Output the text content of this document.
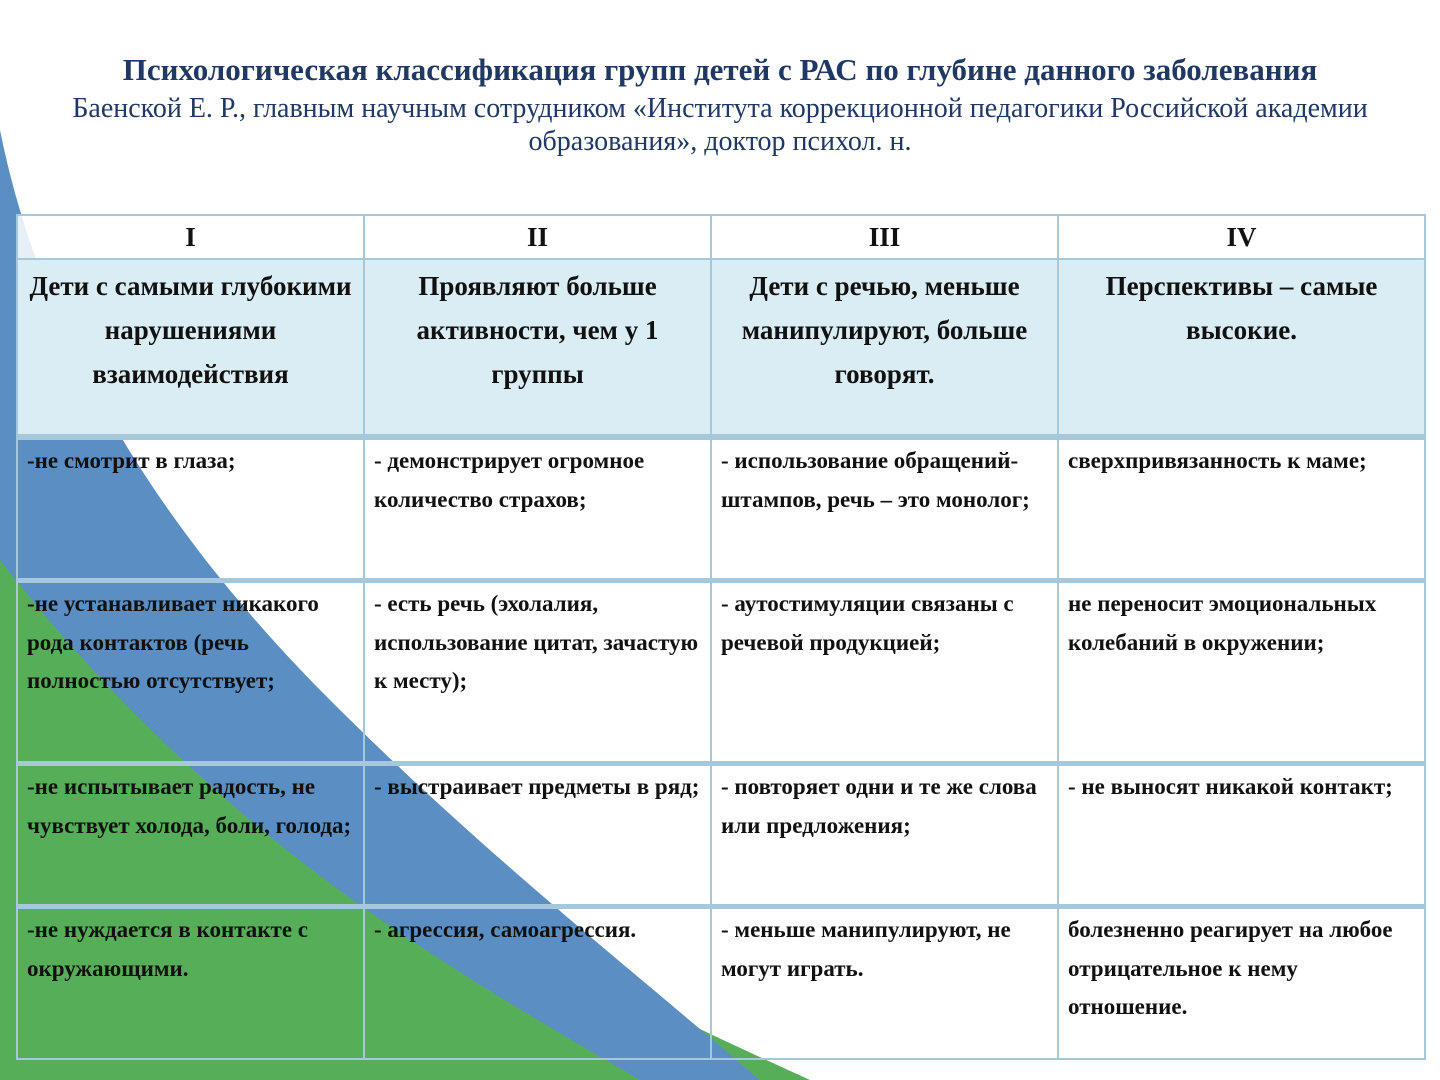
Психологическая классификация групп детей с РАС по глубине данного заболевания
Баенской Е. Р., главным научным сотрудником «Института коррекционной педагогики Российской академии образования», доктор психол. н.
I	II	III	IV
Дети с самыми глубокими нарушениями взаимодействия	Проявляют больше активности, чем у 1 группы	Дети с речью, меньше манипулируют, больше говорят.	Перспективы – самые высокие.
-не смотрит в глаза;	- демонстрирует огромное количество страхов;	- использование обращений-штампов, речь – это монолог;	сверхпривязанность к маме;
-не устанавливает никакого рода контактов (речь полностью отсутствует;	- есть речь (эхолалия, использование цитат, зачастую к месту);	- аутостимуляции связаны с речевой продукцией;	не переносит эмоциональных колебаний в окружении;
-не испытывает радость, не чувствует холода, боли, голода;	- выстраивает предметы в ряд;	- повторяет одни и те же слова или предложения;	- не выносят никакой контакт;
-не нуждается в контакте с окружающими.	- агрессия, самоагрессия.	- меньше манипулируют, не могут играть.	болезненно реагирует на любое отрицательное к нему отношение.
